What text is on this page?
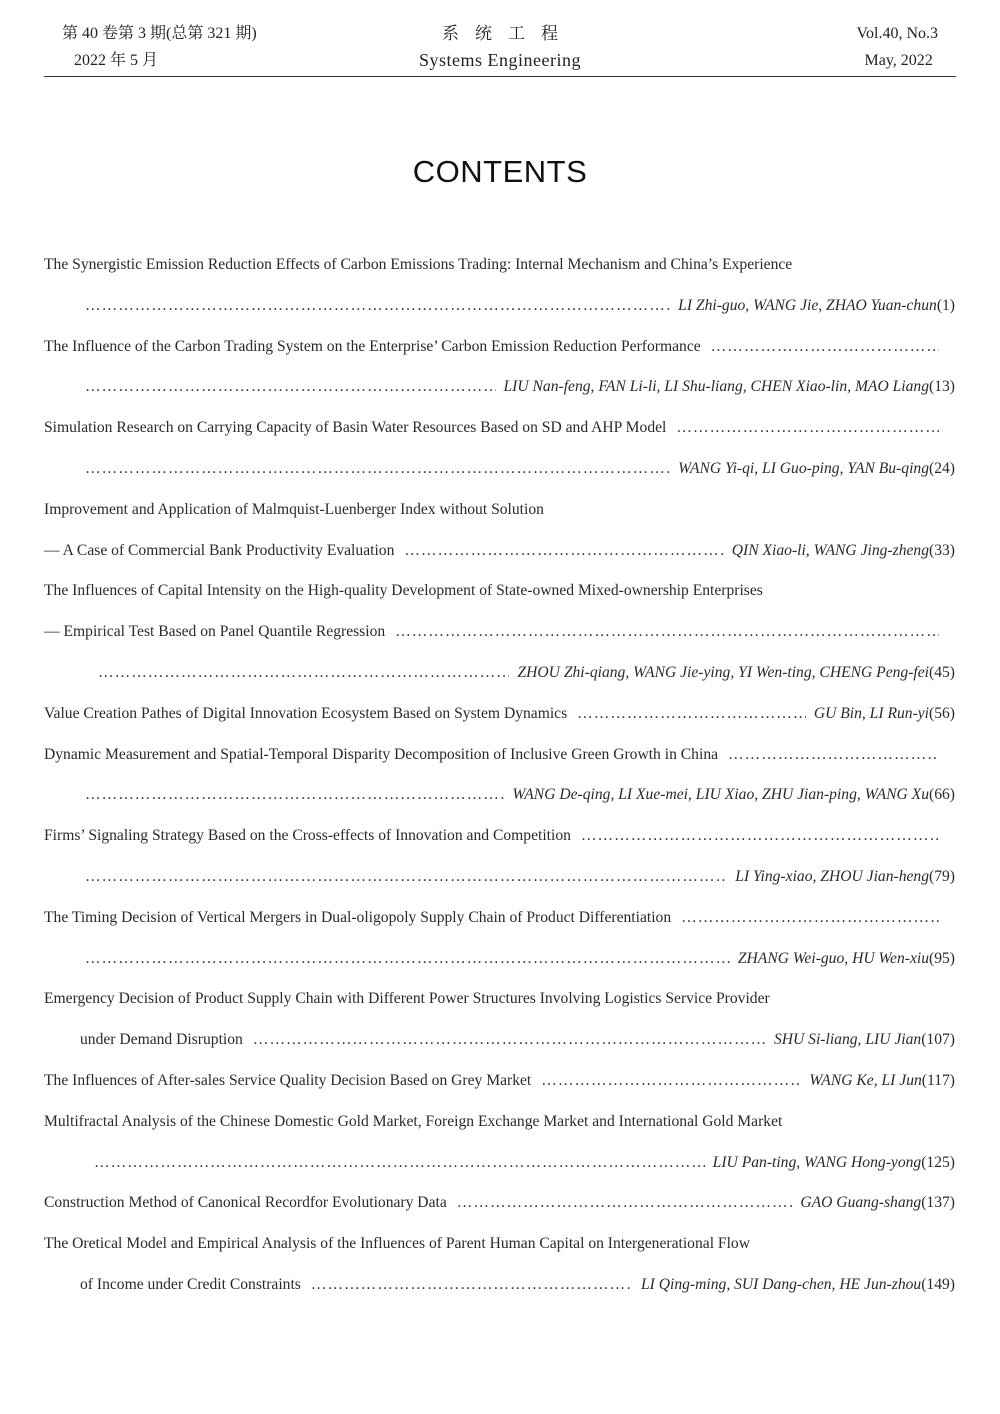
第 40 卷第 3 期(总第 321 期)
2022 年 5 月
系统工程
Systems Engineering
Vol.40, No.3
May, 2022
CONTENTS
The Synergistic Emission Reduction Effects of Carbon Emissions Trading: Internal Mechanism and China’s Experience
…………………………………………………………………………………………………………………………………………………………………………………………
LI Zhi-guo, WANG Jie, ZHAO Yuan-chun (1)
The Influence of the Carbon Trading System on the Enterprise’ Carbon Emission Reduction Performance
…………………………………………………………………………………………………………………………………………………………………………………………
…………………………………………………………………………………………………………………………………………………………………………………………
LIU Nan-feng, FAN Li-li, LI Shu-liang, CHEN Xiao-lin, MAO Liang (13)
Simulation Research on Carrying Capacity of Basin Water Resources Based on SD and AHP Model
…………………………………………………………………………………………………………………………………………………………………………………………
…………………………………………………………………………………………………………………………………………………………………………………………
WANG Yi-qi, LI Guo-ping, YAN Bu-qing (24)
Improvement and Application of Malmquist-Luenberger Index without Solution
— A Case of Commercial Bank Productivity Evaluation …………………………………………………………………………………………………………………………………………………………………………………………	QIN Xiao-li, WANG Jing-zheng (33)
The Influences of Capital Intensity on the High-quality Development of State-owned Mixed-ownership Enterprises
— Empirical Test Based on Panel Quantile Regression
…………………………………………………………………………………………………………………………………………………………………………………………
…………………………………………………………………………………………………………………………………………………………………………………………
ZHOU Zhi-qiang, WANG Jie-ying, YI Wen-ting, CHENG Peng-fei (45)
Value Creation Pathes of Digital Innovation Ecosystem Based on System Dynamics …………………………………………………………………………………………………………………………………………………………………………………………	GU Bin, LI Run-yi (56)
Dynamic Measurement and Spatial-Temporal Disparity Decomposition of Inclusive Green Growth in China
…………………………………………………………………………………………………………………………………………………………………………………………
…………………………………………………………………………………………………………………………………………………………………………………………
WANG De-qing, LI Xue-mei, LIU Xiao, ZHU Jian-ping, WANG Xu (66)
Firms’ Signaling Strategy Based on the Cross-effects of Innovation and Competition
…………………………………………………………………………………………………………………………………………………………………………………………
…………………………………………………………………………………………………………………………………………………………………………………………
LI Ying-xiao, ZHOU Jian-heng (79)
The Timing Decision of Vertical Mergers in Dual-oligopoly Supply Chain of Product Differentiation
…………………………………………………………………………………………………………………………………………………………………………………………
…………………………………………………………………………………………………………………………………………………………………………………………
ZHANG Wei-guo, HU Wen-xiu (95)
Emergency Decision of Product Supply Chain with Different Power Structures Involving Logistics Service Provider
under Demand Disruption …………………………………………………………………………………………………………………………………………………………………………………………	SHU Si-liang, LIU Jian (107)
The Influences of After-sales Service Quality Decision Based on Grey Market …………………………………………………………………………………………………………………………………………………………………………………………	WANG Ke, LI Jun (117)
Multifractal Analysis of the Chinese Domestic Gold Market, Foreign Exchange Market and International Gold Market
…………………………………………………………………………………………………………………………………………………………………………………………
LIU Pan-ting, WANG Hong-yong (125)
Construction Method of Canonical Recordfor Evolutionary Data …………………………………………………………………………………………………………………………………………………………………………………………	GAO Guang-shang (137)
The Oretical Model and Empirical Analysis of the Influences of Parent Human Capital on Intergenerational Flow
of Income under Credit Constraints …………………………………………………………………………………………………………………………………………………………………………………………	LI Qing-ming, SUI Dang-chen, HE Jun-zhou (149)
